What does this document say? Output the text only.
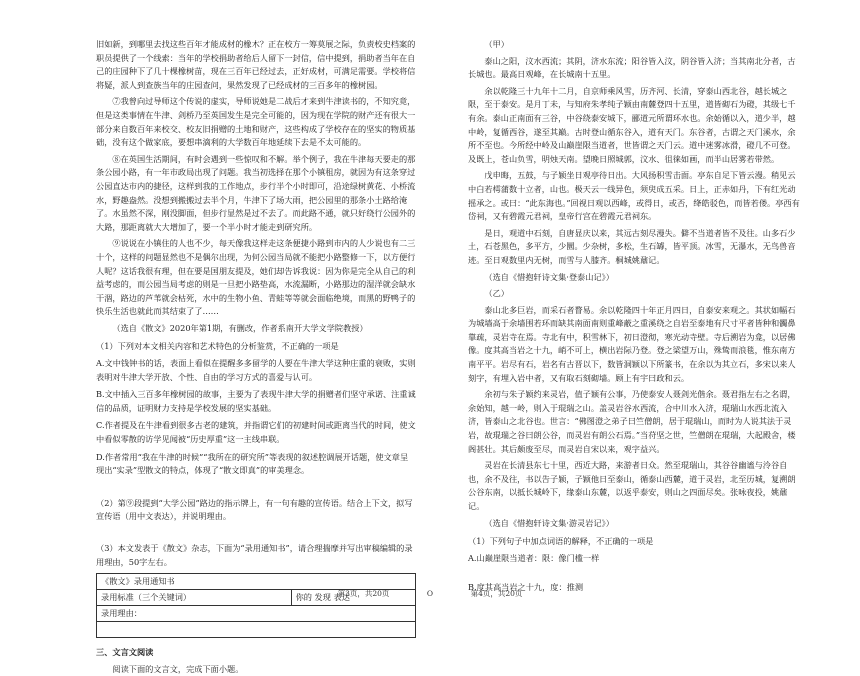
旧如新，到哪里去找这些百年才能成材的橡木？正在校方一筹莫展之际，负责校史档案的职员提供了一个线索：当年的学校捐助者给后人留下一封信，信中提到，捐助者当年在自己的庄园种下了几十棵橡树苗，现在三百年已经过去，正好成材，可满足需要。学校将信将疑，派人到查族当年的庄园查问，果然发现了已经成材的三百多年的橡树园。

⑦我曾向过导师这个传说的虚实，导师说她是二战后才来到牛津读书的，不知究竟，但是这类事情在牛津、剑桥乃至英国发生是完全可能的，因为现在学院的财产还有很大一部分来自数百年来校交、校友旧捐赠的土地和财产，这些构成了学校存在的坚实的物质基础，没有这个做家底，要想串滴利的大学数百年地延续下去是不太可能的。

⑧在英国生活期间，有时会遇到一些惊叹和不解。举个例子，我在牛津每天要走的那条公园小路，有一年市政局出现了问题。我当初选择在那个小镇租房，就因为有这条穿过公园直达市内的捷径，这样到我的工作地点，步行半个小时即可，沿途绿树黄花、小桥流水，野趣盎然。没想到搬搬过去半个月，牛津下了场大雨，把公园里的那条小土路给淹了。水虽然不深，刚没脚面，但步行显然是过不去了。而此路不通，就只好绕行公园外的大路，那距离就大大增加了，要一个半小时才能走到研究所。

⑨说说在小镇住的人也不少，每天像我这样走这条便捷小路到市内的人少说也有二三十个，这样的问题显然也不是偶尔出现，为何公园当局就不能把小路整修一下，以方便行人呢？这话我很有理，但在要是国朋友提及，她们却告诉我说：因为你是完全从自己的利益考虑的，而公园当局考虑的则是一旦把小路垫高，水流漏断，小路那边的湿洋就会缺水干涸，路边的芦苇就会枯死，水中的生物小鱼、青蛙等等就会面临绝境，而黑的野鸭子的快乐生活也就此而其结束了了……

（选自《散文》2020年第1期，有删改，作者系南开大学文学院教授）

（1）下列对本文相关内容和艺术特色的分析鉴赏，不正确的一项是

A.文中钱钟书的话，表面上看似在提醒多多留学的人要在牛津大学这种庄重的衰败，实则表明对牛津大学开放、个性、自由的学习方式的喜爱与认可。

B.文中插入三百多年橡树园的故事，主要为了表现牛津大学的捐赠者们坚守承诺、注重诚信的品质，证明财力支持是学校发展的坚实基础。

C.作者提及在牛津看到很多古老的建筑，并指谓它们的初建时间或距离当代的时间，使文中看似零散的访学见闻被“历史厚重”这一主线串联。

D.作者常用“我在牛津的时候”“我所在的研究所”等表现的叙述腔调展开话题，使文章呈现出“实录”型散文的特点，体现了“散文即真”的审美理念。

（2）第⑨段提到“大学公园”路边的指示牌上，有一句有趣的宣传语。结合上下文，拟写宣传语（用中文表达），并说明理由。

（3）本文发表于《散文》杂志，下面为“录用通知书”，请合理揣摩并写出审稿编辑的录用理由，50字左右。

《散文》录用通知书
录用标准（三个关键词）	你的 发现 表达
录用理由：

三、文言文阅读

阅读下面的文言文，完成下面小题。

（甲）

泰山之阳，汶水西流；其阴，济水东流；阳谷皆入汶，阴谷皆入济；当其南北分者，古长城也。最高日观峰，在长城南十五里。

余以乾隆三十九年十二月，自京师乘风雪，历齐河、长清，穿泰山西北谷，越长城之限，至于泰安。是月丁未，与知府朱孝纯子颖由南麓登四十五里，道皆砌石为磴，其级七千有余。泰山正南面有三谷，中谷绕泰安城下，郦道元所谓环水也。余始循以入，道少半，越中岭，复循西谷，遂至其巅。古时登山循东谷入，道有天门。东谷者，古谓之天门溪水，余所不至也。今所经中岭及山巅崖限当道者，世皆谓之天门云。道中迷雾冰滑，磴几不可登。及既上，苍山负雪，明烛天南。望晚日照城郭，汶水、徂徕如画，而半山居雾若带然。

戊申晦，五鼓，与子颖坐日观亭待日出。大风扬积雪击面。亭东自足下皆云漫。稍见云中白若樗蒲数十立者，山也。极天云一线异色，须臾成五采。日上，正赤如丹，下有红光动摇承之。或曰：“此东海也。”回视日观以西峰，或得日，或否，绛皓驳色，而皆若偻。亭西有岱祠，又有碧霞元君祠，皇帝行宫在碧霞元君祠东。

是日，观道中石刻，自唐显庆以来，其远古刻尽漫失。僻不当道者皆不及往。山多石少土，石苍黑色，多平方，少圜。少杂树，多松，生石罅，皆平顶。冰雪，无瀑水，无鸟兽音迹。至日观数里内无树，而雪与人膝齐。桐城姚鼐记。

（选自《惜抱轩诗文集·登泰山记》）

（乙）

泰山北多巨岩，而采石者瞀易。余以乾隆四十年正月四日，自泰安来观之。其状如幅石为城墙高于余墙围若环而缺其南面南则重峰蔽之重溪绕之自岩至泰地有尺寸平者皆种和髑鼻靠疏，灵岩寺在焉。寺北有中，积雪林下，初日澄彻，寒光动寺壁。寺后溯岩为龛，以居佛像。度其高当岩之十九，峭不可上，横出岩际乃登。登之梁望万山，殊鸷而浪毯，惟东南方南平平。岩尽有石，岩名有古晋以下，数皆洞颖以下所篆书，在余以为其立石，多宋以来人刻字，有埋入岩中者，又有取石刻砌墙。顾上有宇曰政和云。

余初与朱子颖约来灵岩，值子颖有公事，乃使泰安人聂剑光偕余。聂君指左右之名谓，余始知，越一岭，则入于琨瑞之山。盖灵岩谷水西流，合中川水入济，琨瑞山水西北流入济，皆泰山之北谷也。世言：“佛图澄之弟子曰竺僧朗，居于琨瑞山，而时为人说其法于灵岩，故琨瑞之谷曰朗公谷，而灵岩有朗公石焉。”当苻坚之世，竺僧朗在琨瑞，大起殿舍，楼阁甚壮。其后颇废至尽，而灵岩自宋以来，观字益兴。

灵岩在长清县东七十里，西近大路，来游者日众。然至琨瑞山，其谷谷幽谧与泠谷自也，余不及往，书以告子颖，子颖他日至泰山，循泰山西麓，道于灵岩，北至历城，复溯朗公谷东南，以抵长城岭下，缘泰山东麓，以返乎泰安，则山之四面尽矣。张咏夜投，姚鼐记。

（选自《惜抱轩诗文集·游灵岩记》）

（1）下列句子中加点词语的解释，不正确的一项是

A.山巅崖限当道者：限：像门槛一样

B.度其高当岩之十九，度：推测

第3页，共20页　　　　　O　　　　　第4页，共20页
